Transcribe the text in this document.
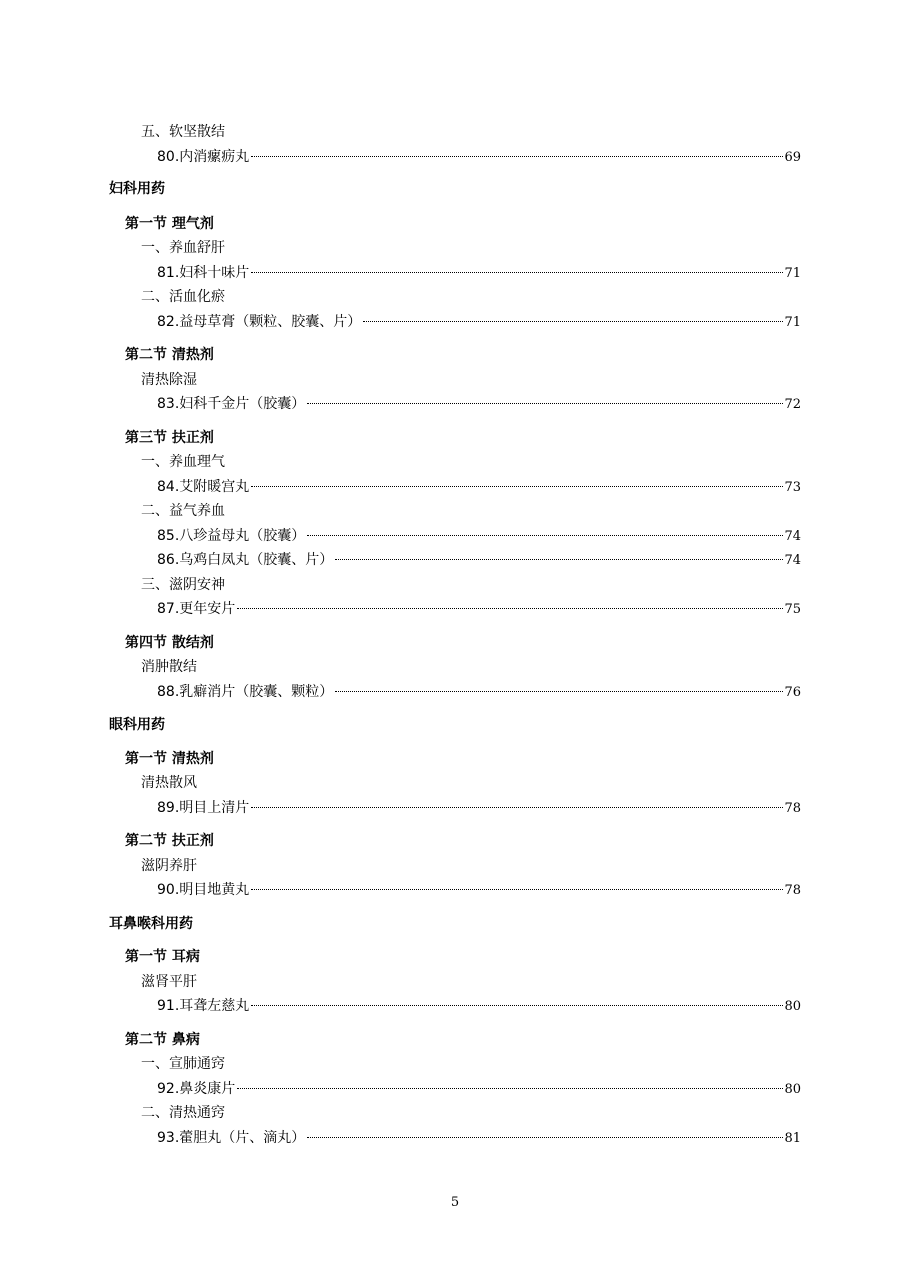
五、软坚散结
80.内消瘰疬丸	69
妇科用药
第一节 理气剂
一、养血舒肝
81.妇科十味片	71
二、活血化瘀
82.益母草膏（颗粒、胶囊、片）	71
第二节 清热剂
清热除湿
83.妇科千金片（胶囊）	72
第三节 扶正剂
一、养血理气
84.艾附暖宫丸	73
二、益气养血
85.八珍益母丸（胶囊）	74
86.乌鸡白凤丸（胶囊、片）	74
三、滋阴安神
87.更年安片	75
第四节 散结剂
消肿散结
88.乳癖消片（胶囊、颗粒）	76
眼科用药
第一节 清热剂
清热散风
89.明目上清片	78
第二节 扶正剂
滋阴养肝
90.明目地黄丸	78
耳鼻喉科用药
第一节 耳病
滋肾平肝
91.耳聋左慈丸	80
第二节 鼻病
一、宣肺通窍
92.鼻炎康片	80
二、清热通窍
93.藿胆丸（片、滴丸）	81
5
